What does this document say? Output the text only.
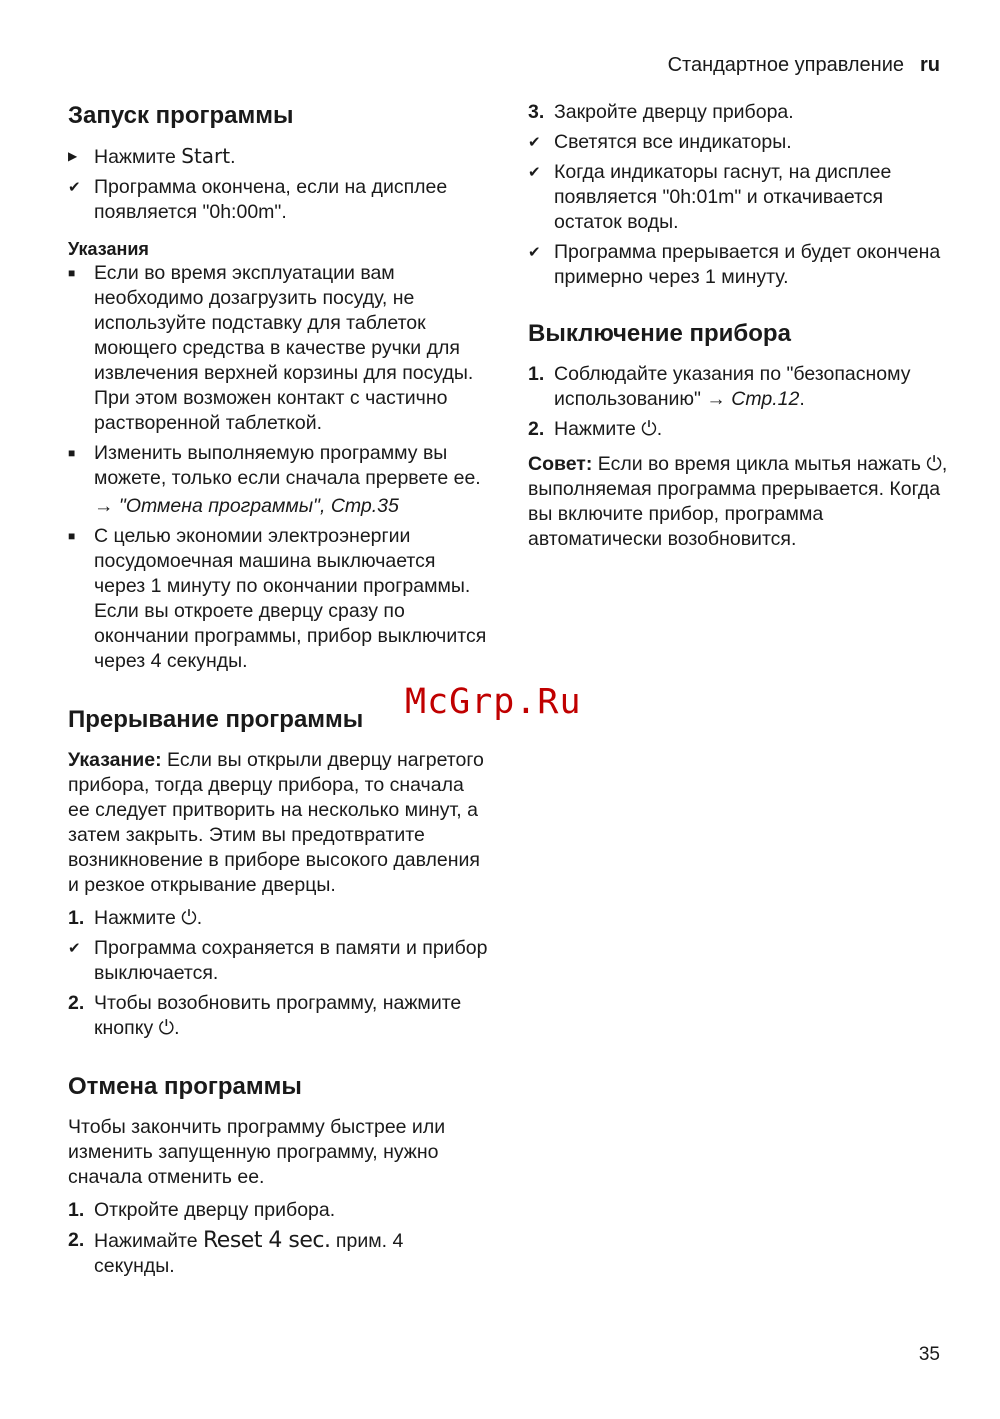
Стандартное управление ru
Запуск программы
▶ Нажмите Start.
✔ Программа окончена, если на дисплее появляется "0h:00m".
Указания
■ Если во время эксплуатации вам необходимо дозагрузить посуду, не используйте подставку для таблеток моющего средства в качестве ручки для извлечения верхней корзины для посуды. При этом возможен контакт с частично растворенной таблеткой.
■ Изменить выполняемую программу вы можете, только если сначала прервете ее.
→ "Отмена программы", Стр.35
■ С целью экономии электроэнергии посудомоечная машина выключается через 1 минуту по окончании программы. Если вы откроете дверцу сразу по окончании программы, прибор выключится через 4 секунды.
Прерывание программы
Указание: Если вы открыли дверцу нагретого прибора, тогда дверцу прибора, то сначала ее следует притворить на несколько минут, а затем закрыть. Этим вы предотвратите возникновение в приборе высокого давления и резкое открывание дверцы.
1. Нажмите ⏻.
✔ Программа сохраняется в памяти и прибор выключается.
2. Чтобы возобновить программу, нажмите кнопку ⏻.
Отмена программы
Чтобы закончить программу быстрее или изменить запущенную программу, нужно сначала отменить ее.
1. Откройте дверцу прибора.
2. Нажимайте Reset 4 sec. прим. 4 секунды.
3. Закройте дверцу прибора.
✔ Светятся все индикаторы.
✔ Когда индикаторы гаснут, на дисплее появляется "0h:01m" и откачивается остаток воды.
✔ Программа прерывается и будет окончена примерно через 1 минуту.
Выключение прибора
1. Соблюдайте указания по "безопасному использованию" → Стр.12.
2. Нажмите ⏻.
Совет: Если во время цикла мытья нажать ⏻, выполняемая программа прерывается. Когда вы включите прибор, программа автоматически возобновится.
McGrp.Ru
35
